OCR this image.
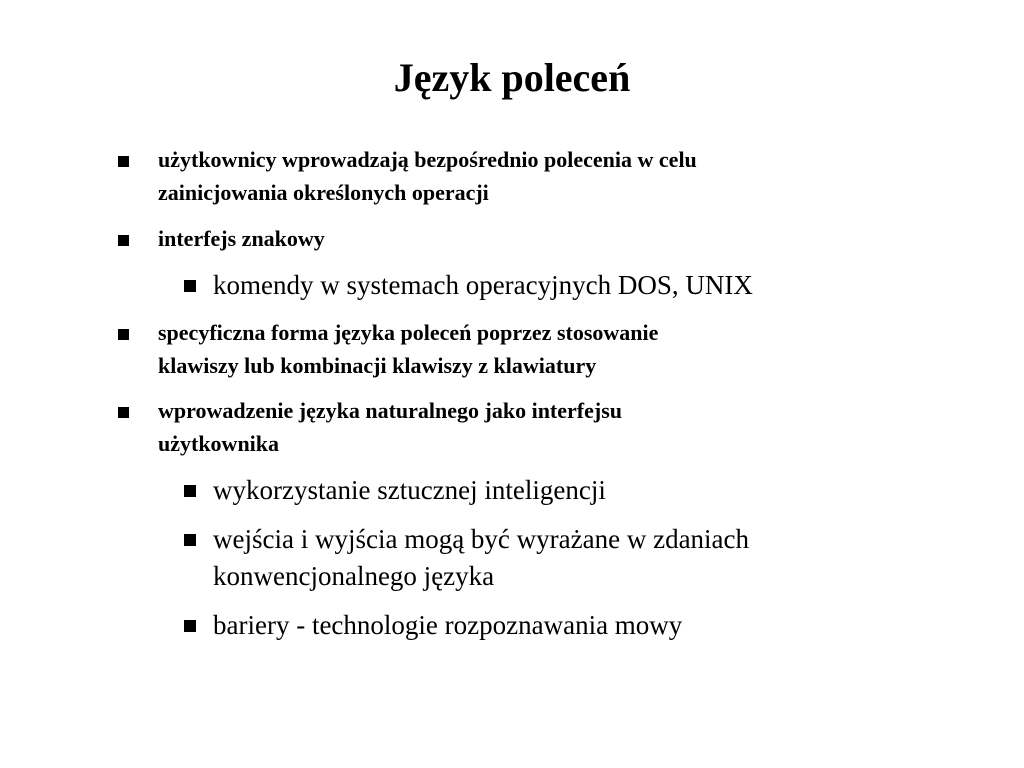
Język poleceń
użytkownicy wprowadzają bezpośrednio polecenia w celu
zainicjowania określonych operacji
interfejs znakowy
komendy w systemach operacyjnych DOS, UNIX
specyficzna forma języka poleceń poprzez stosowanie
klawiszy lub kombinacji klawiszy z klawiatury
wprowadzenie języka naturalnego jako interfejsu
użytkownika
wykorzystanie sztucznej inteligencji
wejścia i wyjścia mogą być wyrażane w zdaniach
konwencjonalnego języka
bariery - technologie rozpoznawania mowy
